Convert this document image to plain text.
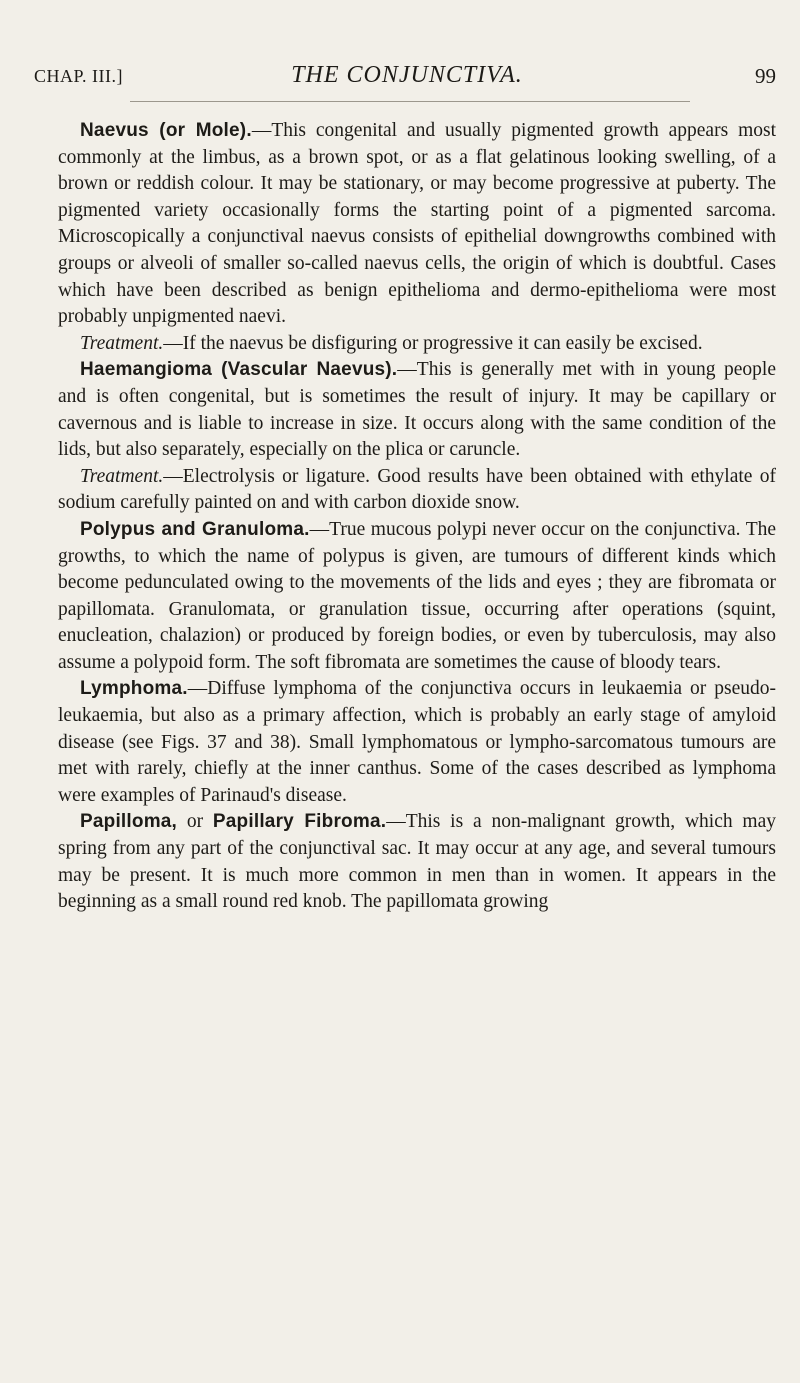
CHAP. III.]	THE CONJUNCTIVA.	99

Naevus (or Mole).—This congenital and usually pigmented growth appears most commonly at the limbus, as a brown spot, or as a flat gelatinous looking swelling, of a brown or reddish colour. It may be stationary, or may become progressive at puberty. The pigmented variety occasionally forms the starting point of a pigmented sarcoma. Microscopically a conjunctival naevus consists of epithelial downgrowths combined with groups or alveoli of smaller so-called naevus cells, the origin of which is doubtful. Cases which have been described as benign epithelioma and dermo-epithelioma were most probably unpigmented naevi.

Treatment.—If the naevus be disfiguring or progressive it can easily be excised.

Haemangioma (Vascular Naevus).—This is generally met with in young people and is often congenital, but is sometimes the result of injury. It may be capillary or cavernous and is liable to increase in size. It occurs along with the same condition of the lids, but also separately, especially on the plica or caruncle.

Treatment.—Electrolysis or ligature. Good results have been obtained with ethylate of sodium carefully painted on and with carbon dioxide snow.

Polypus and Granuloma.—True mucous polypi never occur on the conjunctiva. The growths, to which the name of polypus is given, are tumours of different kinds which become pedunculated owing to the movements of the lids and eyes ; they are fibromata or papillomata. Granulomata, or granulation tissue, occurring after operations (squint, enucleation, chalazion) or produced by foreign bodies, or even by tuberculosis, may also assume a polypoid form. The soft fibromata are sometimes the cause of bloody tears.

Lymphoma.—Diffuse lymphoma of the conjunctiva occurs in leukaemia or pseudo-leukaemia, but also as a primary affection, which is probably an early stage of amyloid disease (see Figs. 37 and 38). Small lymphomatous or lympho-sarcomatous tumours are met with rarely, chiefly at the inner canthus. Some of the cases described as lymphoma were examples of Parinaud's disease.

Papilloma, or Papillary Fibroma.—This is a non-malignant growth, which may spring from any part of the conjunctival sac. It may occur at any age, and several tumours may be present. It is much more common in men than in women. It appears in the beginning as a small round red knob. The papillomata growing
